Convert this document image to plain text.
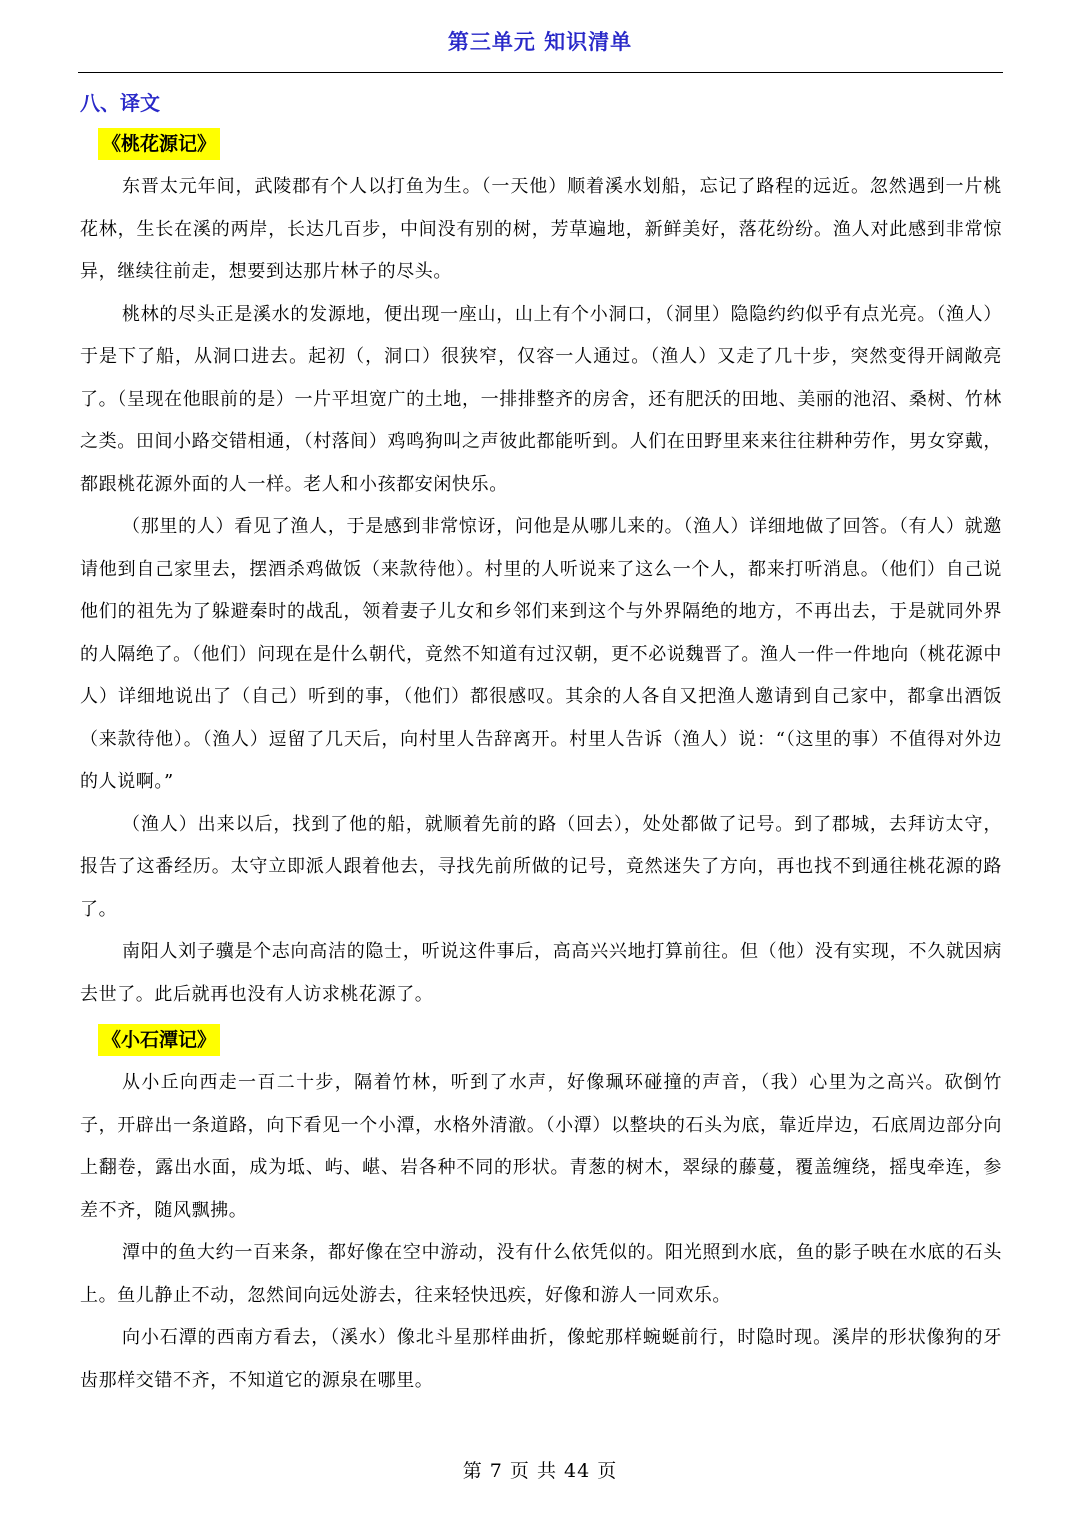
第三单元 知识清单
八、译文
《桃花源记》

东晋太元年间，武陵郡有个人以打鱼为生。（一天他）顺着溪水划船，忘记了路程的远近。忽然遇到一片桃花林，生长在溪的两岸，长达几百步，中间没有别的树，芳草遍地，新鲜美好，落花纷纷。渔人对此感到非常惊异，继续往前走，想要到达那片林子的尽头。

桃林的尽头正是溪水的发源地，便出现一座山，山上有个小洞口，（洞里）隐隐约约似乎有点光亮。（渔人）于是下了船，从洞口进去。起初（，洞口）很狭窄，仅容一人通过。（渔人）又走了几十步，突然变得开阔敞亮了。（呈现在他眼前的是）一片平坦宽广的土地，一排排整齐的房舍，还有肥沃的田地、美丽的池沼、桑树、竹林之类。田间小路交错相通，（村落间）鸡鸣狗叫之声彼此都能听到。人们在田野里来来往往耕种劳作，男女穿戴，都跟桃花源外面的人一样。老人和小孩都安闲快乐。

（那里的人）看见了渔人，于是感到非常惊讶，问他是从哪儿来的。（渔人）详细地做了回答。（有人）就邀请他到自己家里去，摆酒杀鸡做饭（来款待他）。村里的人听说来了这么一个人，都来打听消息。（他们）自己说他们的祖先为了躲避秦时的战乱，领着妻子儿女和乡邻们来到这个与外界隔绝的地方，不再出去，于是就同外界的人隔绝了。（他们）问现在是什么朝代，竟然不知道有过汉朝，更不必说魏晋了。渔人一件一件地向（桃花源中人）详细地说出了（自己）听到的事，（他们）都很感叹。其余的人各自又把渔人邀请到自己家中，都拿出酒饭（来款待他）。（渔人）逗留了几天后，向村里人告辞离开。村里人告诉（渔人）说：“（这里的事）不值得对外边的人说啊。”

（渔人）出来以后，找到了他的船，就顺着先前的路（回去），处处都做了记号。到了郡城，去拜访太守，报告了这番经历。太守立即派人跟着他去，寻找先前所做的记号，竟然迷失了方向，再也找不到通往桃花源的路了。

南阳人刘子骥是个志向高洁的隐士，听说这件事后，高高兴兴地打算前往。但（他）没有实现，不久就因病去世了。此后就再也没有人访求桃花源了。

《小石潭记》

从小丘向西走一百二十步，隔着竹林，听到了水声，好像珮环碰撞的声音，（我）心里为之高兴。砍倒竹子，开辟出一条道路，向下看见一个小潭，水格外清澈。（小潭）以整块的石头为底，靠近岸边，石底周边部分向上翻卷，露出水面，成为坻、屿、嵁、岩各种不同的形状。青葱的树木，翠绿的藤蔓，覆盖缠绕，摇曳牵连，参差不齐，随风飘拂。

潭中的鱼大约一百来条，都好像在空中游动，没有什么依凭似的。阳光照到水底，鱼的影子映在水底的石头上。鱼儿静止不动，忽然间向远处游去，往来轻快迅疾，好像和游人一同欢乐。

向小石潭的西南方看去，（溪水）像北斗星那样曲折，像蛇那样蜿蜒前行，时隐时现。溪岸的形状像狗的牙齿那样交错不齐，不知道它的源泉在哪里。

第 7 页 共 44 页
